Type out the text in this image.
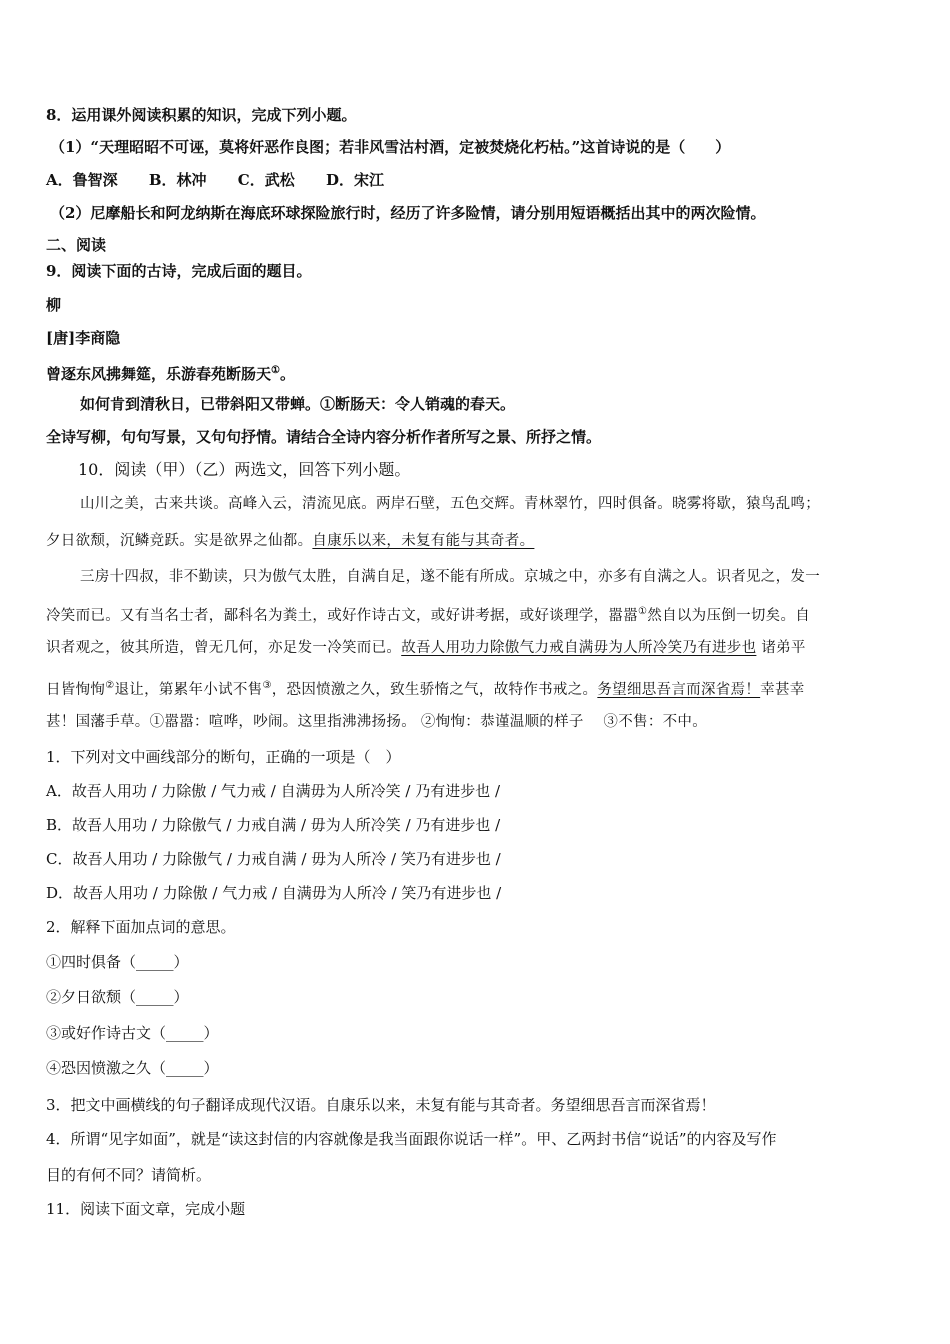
8．运用课外阅读积累的知识，完成下列小题。
（1）“天理昭昭不可诬，莫将奸恶作良图；若非风雪沽村酒，定被焚烧化朽枯。”这首诗说的是（　　）
A．鲁智深 B．林冲 C．武松 D．宋江
（2）尼摩船长和阿龙纳斯在海底环球探险旅行时，经历了许多险情，请分别用短语概括出其中的两次险情。
二、阅读
9．阅读下面的古诗，完成后面的题目。
柳
[唐]李商隐
曾逐东风拂舞筵，乐游春苑断肠天①。
如何肯到清秋日，已带斜阳又带蝉。①断肠天：令人销魂的春天。
全诗写柳，句句写景，又句句抒情。请结合全诗内容分析作者所写之景、所抒之情。
10．阅读（甲）（乙）两选文，回答下列小题。
山川之美，古来共谈。高峰入云，清流见底。两岸石壁，五色交辉。青林翠竹，四时俱备。晓雾将歇，猿鸟乱鸣；
夕日欲颓，沉鳞竞跃。实是欲界之仙都。自康乐以来，未复有能与其奇者。
三房十四叔，非不勤读，只为傲气太胜，自满自足，遂不能有所成。京城之中，亦多有自满之人。识者见之，发一
冷笑而已。又有当名士者，鄙科名为粪土，或好作诗古文，或好讲考据，或好谈理学，嚣嚣①然自以为压倒一切矣。自
识者观之，彼其所造，曾无几何，亦足发一冷笑而已。故吾人用功力除傲气力戒自满毋为人所冷笑乃有进步也 诸弟平
日皆恂恂②退让，第累年小试不售③，恐因愤激之久，致生骄惰之气，故特作书戒之。务望细思吾言而深省焉！幸甚幸
甚！国藩手草。①嚣嚣：喧哗，吵闹。这里指沸沸扬扬。 ②恂恂：恭谨温顺的样子　 ③不售：不中。
1．下列对文中画线部分的断句，正确的一项是（　）
A．故吾人用功 / 力除傲 / 气力戒 / 自满毋为人所冷笑 / 乃有进步也 /
B．故吾人用功 / 力除傲气 / 力戒自满 / 毋为人所冷笑 / 乃有进步也 /
C．故吾人用功 / 力除傲气 / 力戒自满 / 毋为人所冷 / 笑乃有进步也 /
D．故吾人用功 / 力除傲 / 气力戒 / 自满毋为人所冷 / 笑乃有进步也 /
2．解释下面加点词的意思。
①四时俱备（_____）
②夕日欲颓（_____）
③或好作诗古文（_____）
④恐因愤激之久（_____）
3．把文中画横线的句子翻译成现代汉语。自康乐以来，未复有能与其奇者。务望细思吾言而深省焉！
4．所谓“见字如面”，就是“读这封信的内容就像是我当面跟你说话一样”。甲、乙两封书信“说话”的内容及写作
目的有何不同？请简析。
11．阅读下面文章，完成小题
